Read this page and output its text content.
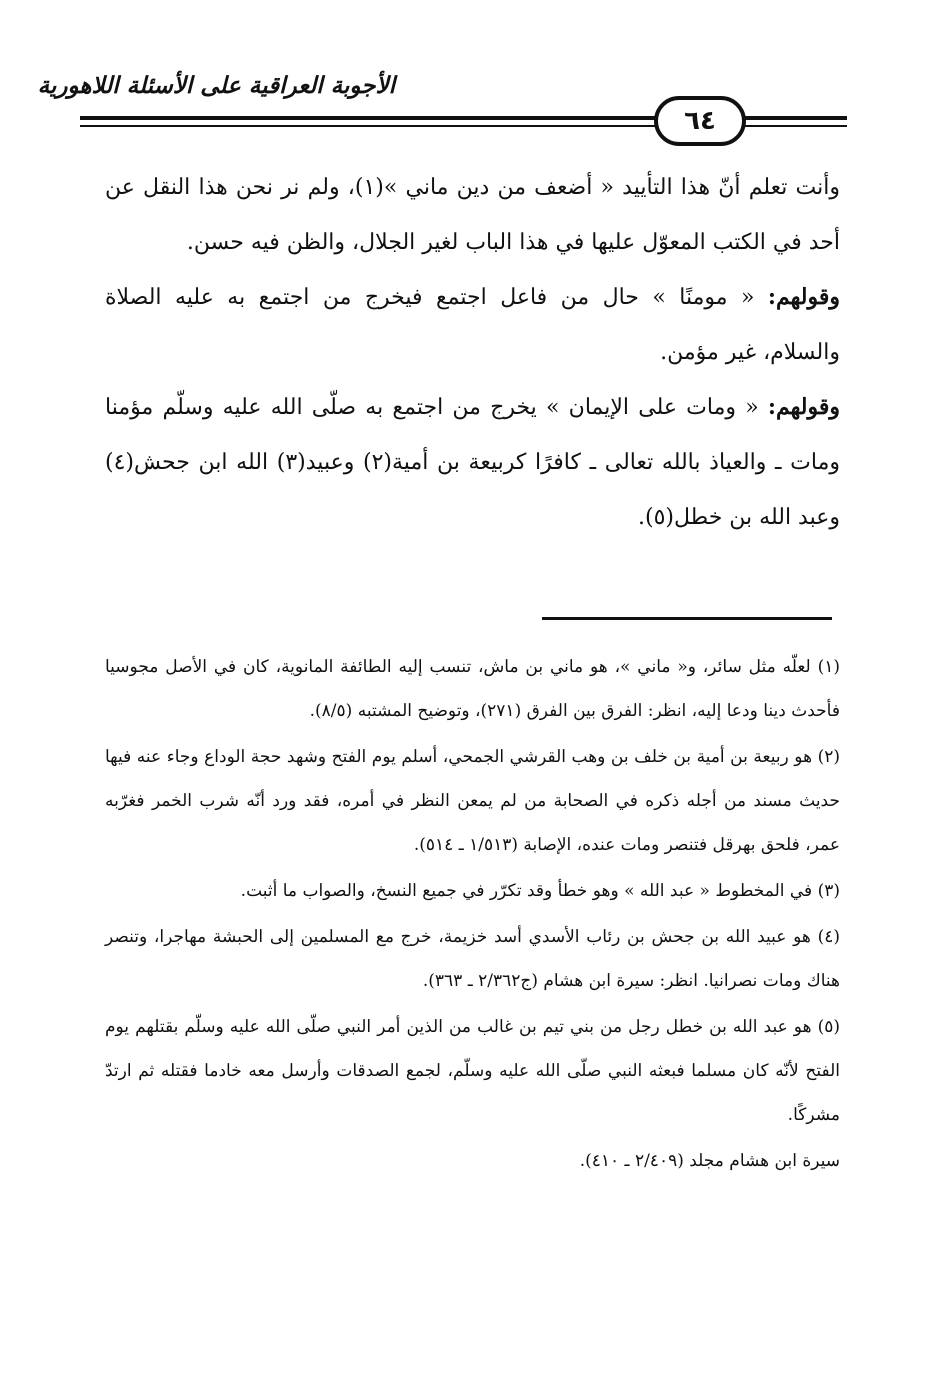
الأجوبة العراقية على الأسئلة اللاهورية
٦٤

وأنت تعلم أنّ هذا التأييد « أضعف من دين ماني »(١)، ولم نر نحن هذا النقل عن أحد في الكتب المعوّل عليها في هذا الباب لغير الجلال، والظن فيه حسن.

وقولهم: « مومنًا » حال من فاعل اجتمع فيخرج من اجتمع به عليه الصلاة والسلام، غير مؤمن.

وقولهم: « ومات على الإيمان » يخرج من اجتمع به صلّى الله عليه وسلّم مؤمنا ومات ـ والعياذ بالله تعالى ـ كافرًا كربيعة بن أمية(٢) وعبيد(٣) الله ابن جحش(٤) وعبد الله بن خطل(٥).

(١) لعلّه مثل سائر، و« ماني »، هو ماني بن ماش، تنسب إليه الطائفة المانوية، كان في الأصل مجوسيا فأحدث دينا ودعا إليه، انظر: الفرق بين الفرق (٢٧١)، وتوضيح المشتبه (٨/٥).

(٢) هو ربيعة بن أمية بن خلف بن وهب القرشي الجمحي، أسلم يوم الفتح وشهد حجة الوداع وجاء عنه فيها حديث مسند من أجله ذكره في الصحابة من لم يمعن النظر في أمره، فقد ورد أنّه شرب الخمر فغرّبه عمر، فلحق بهرقل فتنصر ومات عنده، الإصابة (١/٥١٣ ـ ٥١٤).

(٣) في المخطوط « عبد الله » وهو خطأ وقد تكرّر في جميع النسخ، والصواب ما أثبت.

(٤) هو عبيد الله بن جحش بن رئاب الأسدي أسد خزيمة، خرج مع المسلمين إلى الحبشة مهاجرا، وتنصر هناك ومات نصرانيا. انظر: سيرة ابن هشام (ج٢/٣٦٢ ـ ٣٦٣).

(٥) هو عبد الله بن خطل رجل من بني تيم بن غالب من الذين أمر النبي صلّى الله عليه وسلّم بقتلهم يوم الفتح لأنّه كان مسلما فبعثه النبي صلّى الله عليه وسلّم، لجمع الصدقات وأرسل معه خادما فقتله ثم ارتدّ مشركًا.

سيرة ابن هشام مجلد (٢/٤٠٩ ـ ٤١٠).
